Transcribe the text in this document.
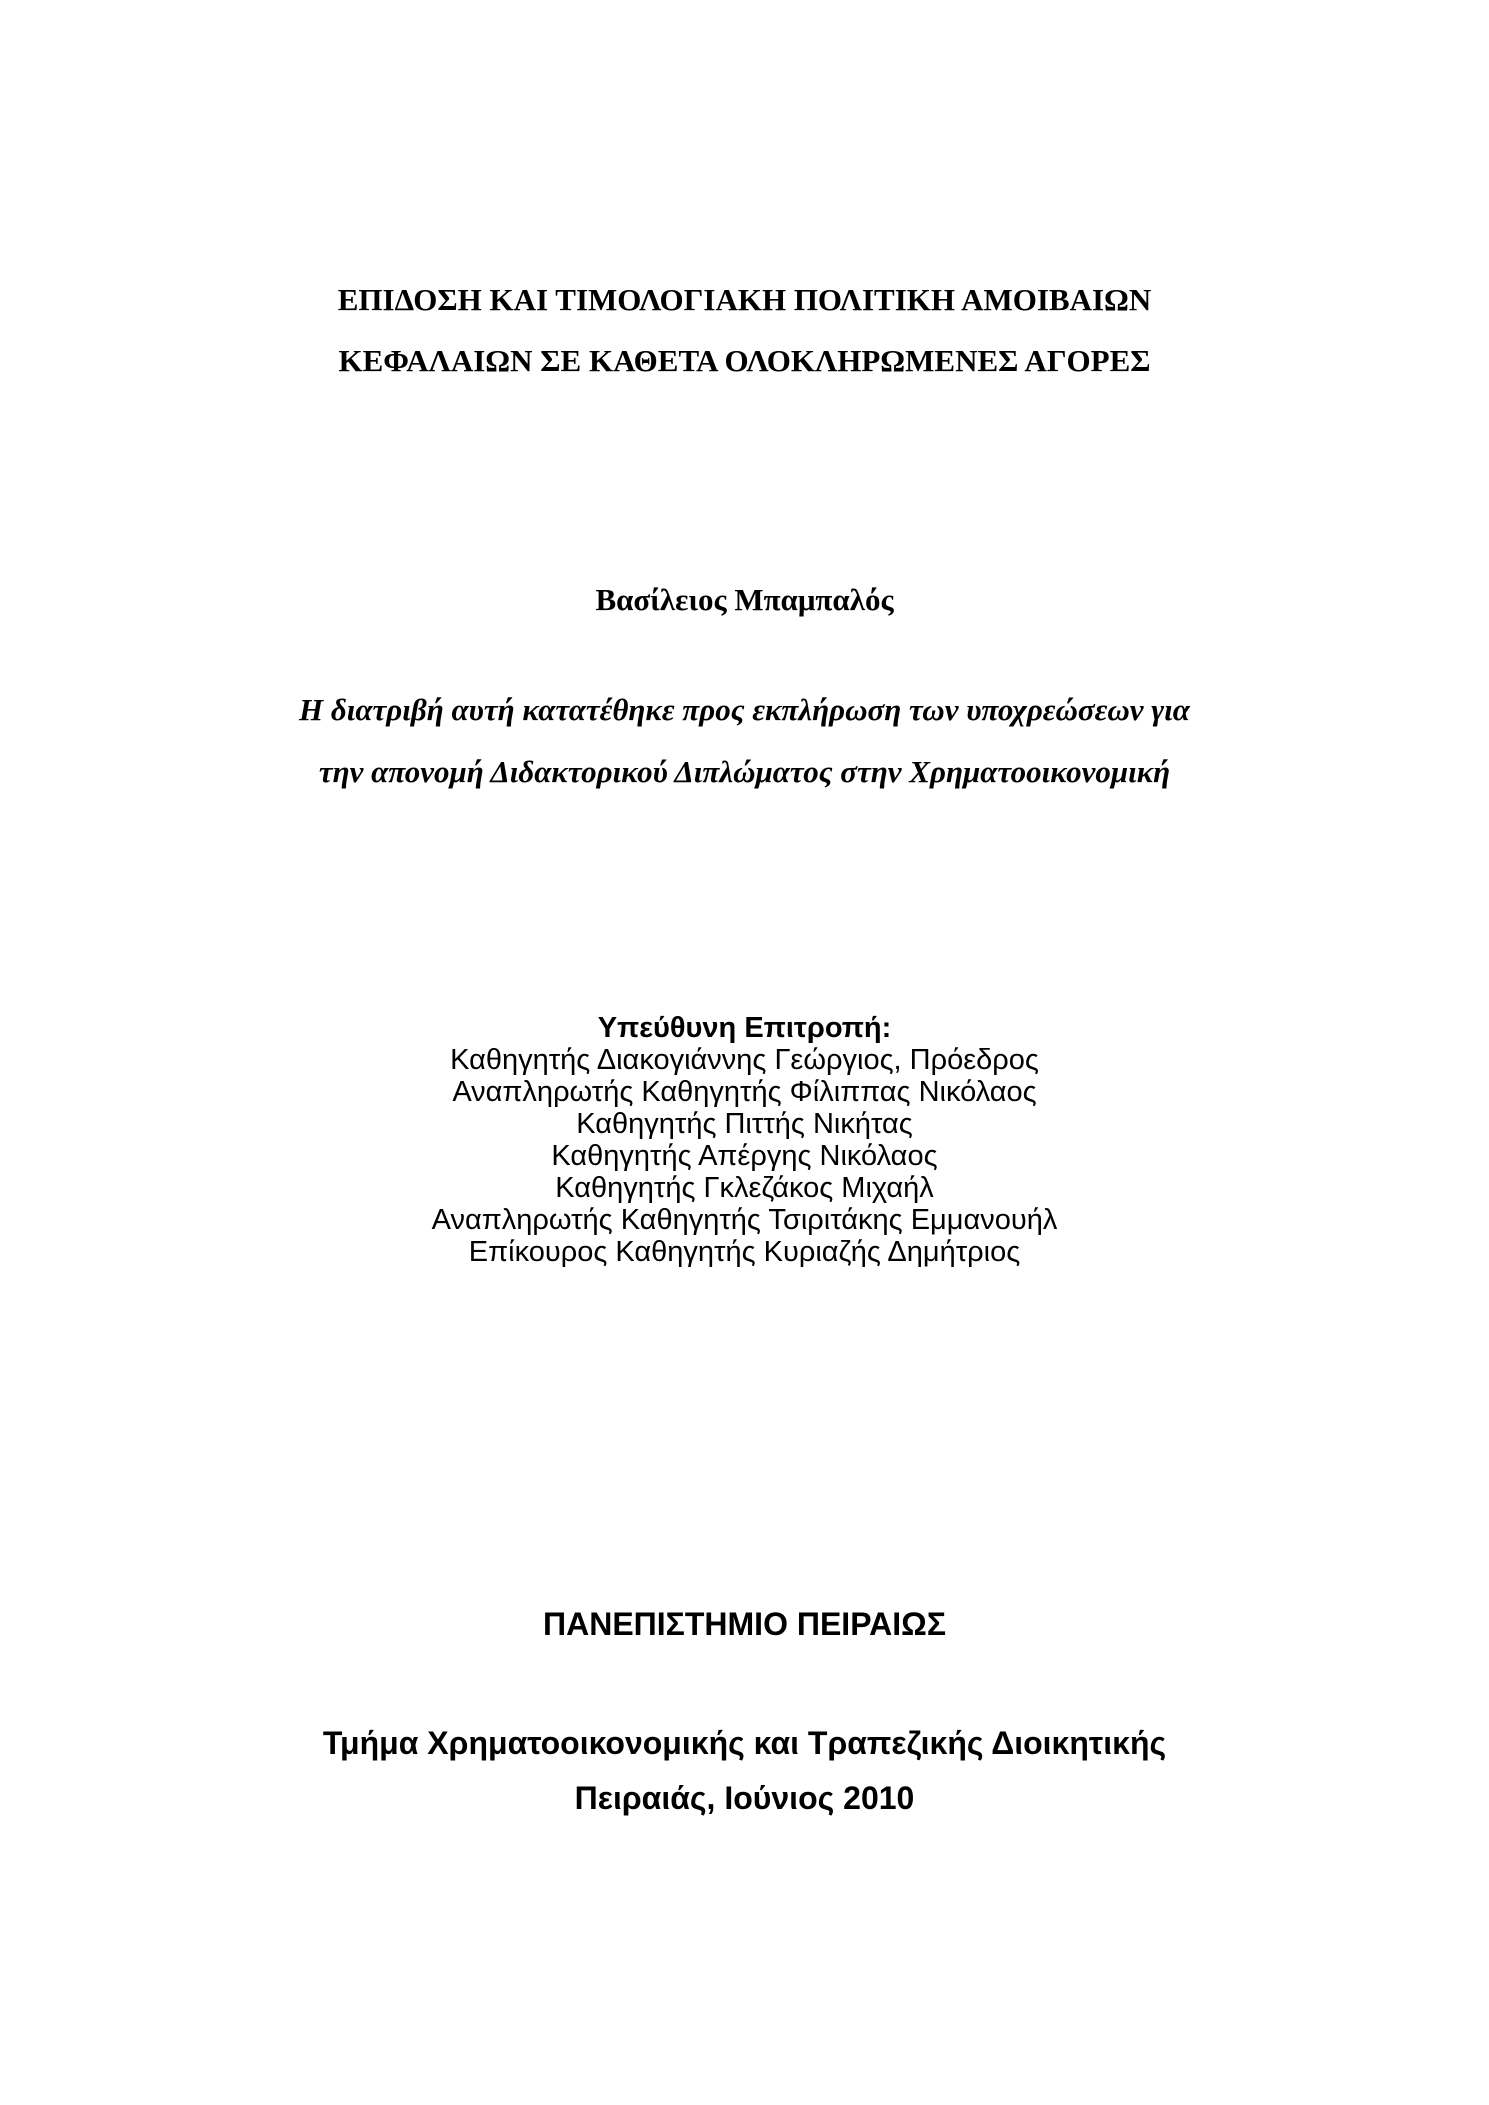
ΕΠΙΔΟΣΗ ΚΑΙ ΤΙΜΟΛΟΓΙΑΚΗ ΠΟΛΙΤΙΚΗ ΑΜΟΙΒΑΙΩΝ
ΚΕΦΑΛΑΙΩΝ ΣΕ ΚΑΘΕΤΑ ΟΛΟΚΛΗΡΩΜΕΝΕΣ ΑΓΟΡΕΣ
Βασίλειος Μπαμπαλός
Η διατριβή αυτή κατατέθηκε προς εκπλήρωση των υποχρεώσεων για
την απονομή Διδακτορικού Διπλώματος στην Χρηματοοικονομική
Υπεύθυνη Επιτροπή:
Καθηγητής Διακογιάννης Γεώργιος, Πρόεδρος
Αναπληρωτής Καθηγητής Φίλιππας Νικόλαος
Καθηγητής Πιττής Νικήτας
Καθηγητής Απέργης Νικόλαος
Καθηγητής Γκλεζάκος Μιχαήλ
Αναπληρωτής Καθηγητής Τσιριτάκης Εμμανουήλ
Επίκουρος Καθηγητής Κυριαζής Δημήτριος
ΠΑΝΕΠΙΣΤΗΜΙΟ ΠΕΙΡΑΙΩΣ
Τμήμα Χρηματοοικονομικής και Τραπεζικής Διοικητικής
Πειραιάς, Ιούνιος 2010
